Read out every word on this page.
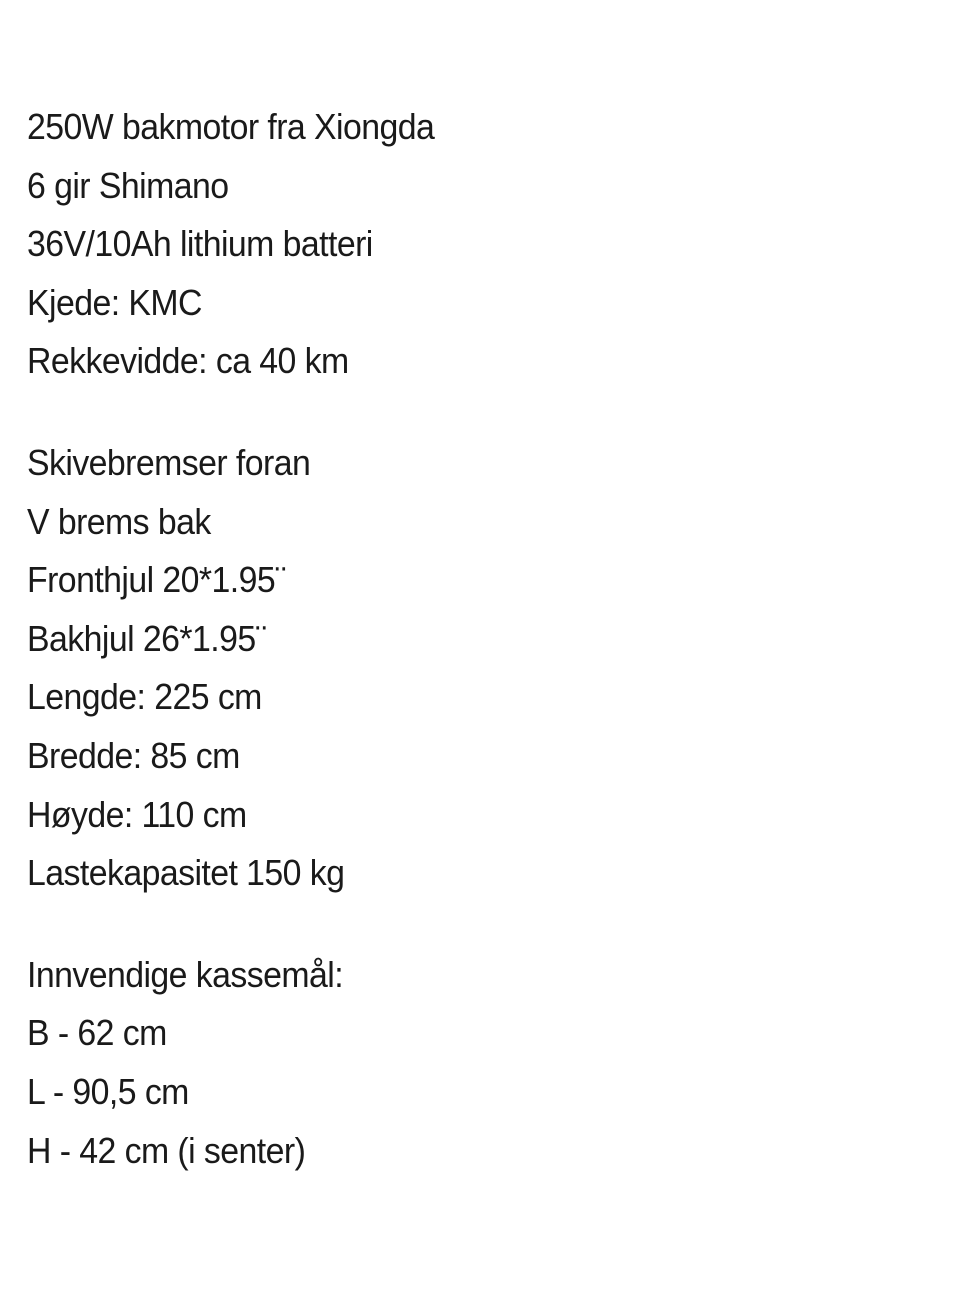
250W bakmotor fra Xiongda
6 gir Shimano
36V/10Ah lithium batteri
Kjede: KMC
Rekkevidde: ca 40 km
Skivebremser foran
V brems bak
Fronthjul 20*1.95¨
Bakhjul 26*1.95¨
Lengde: 225 cm
Bredde: 85 cm
Høyde: 110 cm
Lastekapasitet 150 kg
Innvendige kassemål:
B - 62 cm
L - 90,5 cm
H - 42 cm (i senter)
